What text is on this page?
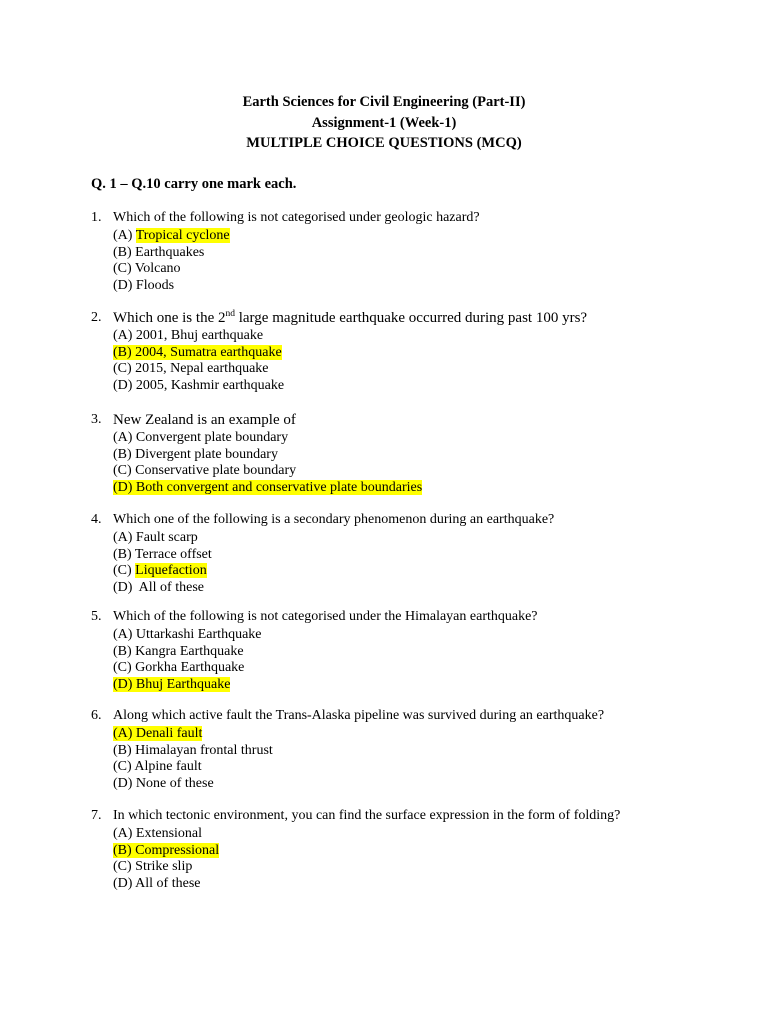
Earth Sciences for Civil Engineering (Part-II)
Assignment-1 (Week-1)
MULTIPLE CHOICE QUESTIONS (MCQ)
Q. 1 – Q.10 carry one mark each.
1. Which of the following is not categorised under geologic hazard?
(A) Tropical cyclone
(B) Earthquakes
(C) Volcano
(D) Floods
2. Which one is the 2nd large magnitude earthquake occurred during past 100 yrs?
(A) 2001, Bhuj earthquake
(B) 2004, Sumatra earthquake
(C) 2015, Nepal earthquake
(D) 2005, Kashmir earthquake
3. New Zealand is an example of
(A) Convergent plate boundary
(B) Divergent plate boundary
(C) Conservative plate boundary
(D) Both convergent and conservative plate boundaries
4. Which one of the following is a secondary phenomenon during an earthquake?
(A) Fault scarp
(B) Terrace offset
(C) Liquefaction
(D)  All of these
5. Which of the following is not categorised under the Himalayan earthquake?
(A) Uttarkashi Earthquake
(B) Kangra Earthquake
(C) Gorkha Earthquake
(D) Bhuj Earthquake
6. Along which active fault the Trans-Alaska pipeline was survived during an earthquake?
(A) Denali fault
(B) Himalayan frontal thrust
(C) Alpine fault
(D) None of these
7. In which tectonic environment, you can find the surface expression in the form of folding?
(A) Extensional
(B) Compressional
(C) Strike slip
(D) All of these
